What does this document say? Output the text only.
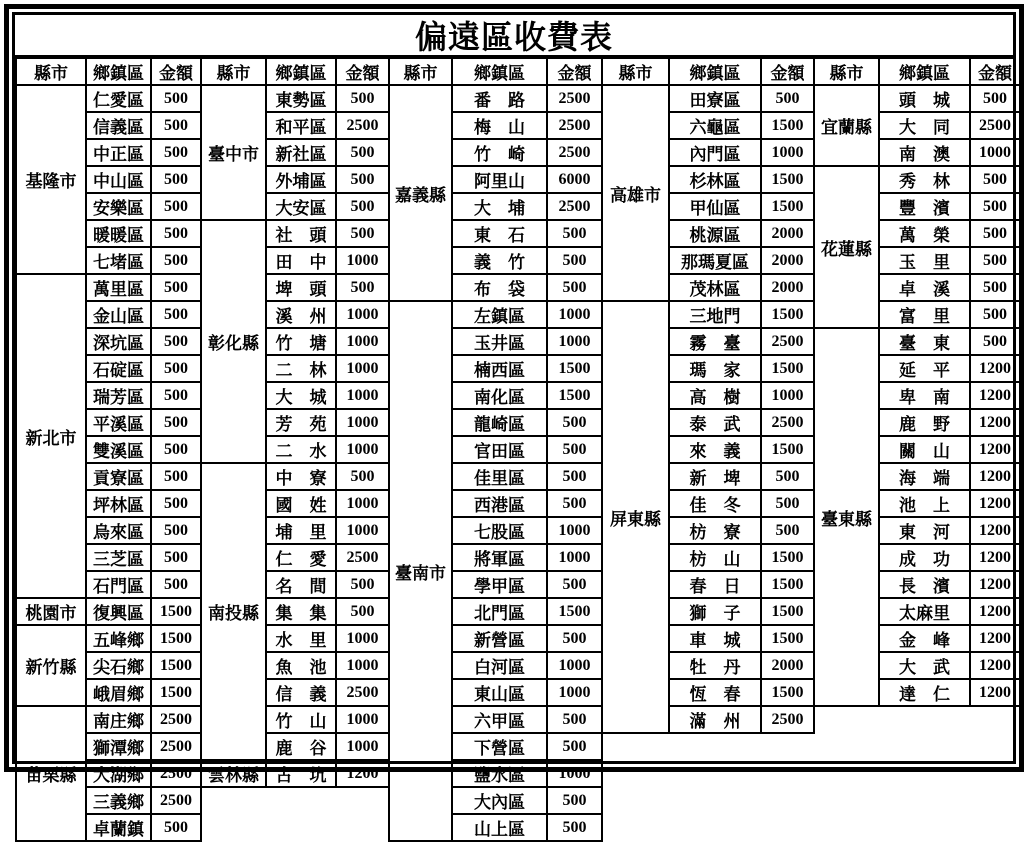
偏遠區收費表
縣市	鄉鎮區	金額	縣市	鄉鎮區	金額	縣市	鄉鎮區	金額	縣市	鄉鎮區	金額	縣市	鄉鎮區	金額
基隆市	仁愛區	500	臺中市	東勢區	500	嘉義縣	番　路	2500	高雄市	田寮區	500	宜蘭縣	頭　城	500
	信義區	500		和平區	2500		梅　山	2500		六龜區	1500		大　同	2500
	中正區	500		新社區	500		竹　崎	2500		內門區	1000		南　澳	1000
	中山區	500		外埔區	500		阿里山	6000		杉林區	1500	花蓮縣	秀　林	500
	安樂區	500		大安區	500		大　埔	2500		甲仙區	1500		豐　濱	500
	暖暖區	500	彰化縣	社　頭	500		東　石	500		桃源區	2000		萬　榮	500
	七堵區	500		田　中	1000		義　竹	500		那瑪夏區	2000		玉　里	500
新北市	萬里區	500		埤　頭	500		布　袋	500		茂林區	2000		卓　溪	500
	金山區	500		溪　州	1000	臺南市	左鎮區	1000	屏東縣	三地門	1500		富　里	500
	深坑區	500		竹　塘	1000		玉井區	1000		霧　臺	2500	臺東縣	臺　東	500
	石碇區	500		二　林	1000		楠西區	1500		瑪　家	1500		延　平	1200
	瑞芳區	500		大　城	1000		南化區	1500		高　樹	1000		卑　南	1200
	平溪區	500		芳　苑	1000		龍崎區	500		泰　武	2500		鹿　野	1200
	雙溪區	500		二　水	1000		官田區	500		來　義	1500		關　山	1200
	貢寮區	500	南投縣	中　寮	500		佳里區	500		新　埤	500		海　端	1200
	坪林區	500		國　姓	1000		西港區	500		佳　冬	500		池　上	1200
	烏來區	500		埔　里	1000		七股區	1000		枋　寮	500		東　河	1200
	三芝區	500		仁　愛	2500		將軍區	1000		枋　山	1500		成　功	1200
	石門區	500		名　間	500		學甲區	500		春　日	1500		長　濱	1200
桃園市	復興區	1500		集　集	500		北門區	1500		獅　子	1500		太麻里	1200
新竹縣	五峰鄉	1500		水　里	1000		新營區	500		車　城	1500		金　峰	1200
	尖石鄉	1500		魚　池	1000		白河區	1000		牡　丹	2000		大　武	1200
	峨眉鄉	1500		信　義	2500		東山區	1000		恆　春	1500		達　仁	1200
苗栗縣	南庄鄉	2500		竹　山	1000		六甲區	500		滿　州	2500			
	獅潭鄉	2500		鹿　谷	1000		下營區	500						
	大湖鄉	2500	雲林縣	古　坑	1200		鹽水區	1000						
	三義鄉	2500					大內區	500						
	卓蘭鎮	500					山上區	500						
